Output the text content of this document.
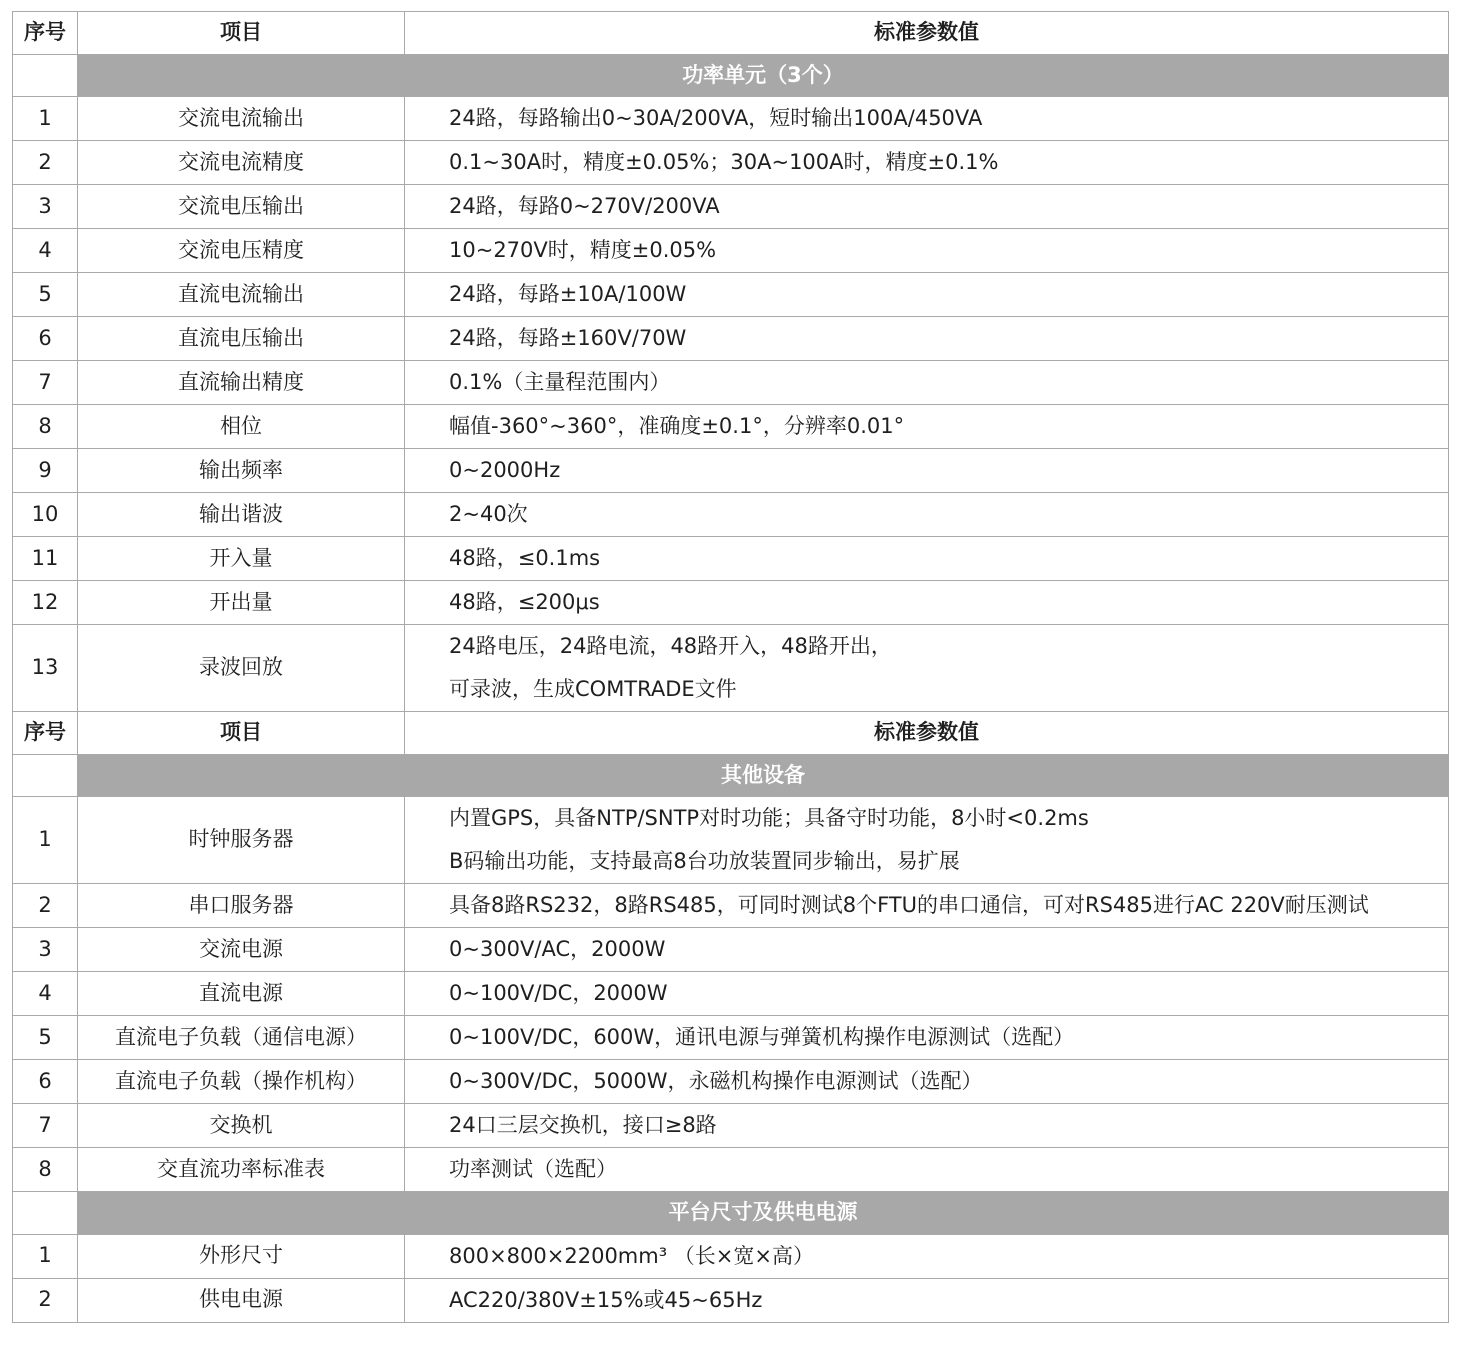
序号	项目	标准参数值
	功率单元（3个）	
1	交流电流输出	24路，每路输出0~30A/200VA，短时输出100A/450VA

2	交流电流精度	0.1~30A时，精度±0.05%；30A~100A时，精度±0.1%

3	交流电压输出	24路，每路0~270V/200VA

4	交流电压精度	10~270V时，精度±0.05%

5	直流电流输出	24路，每路±10A/100W

6	直流电压输出	24路，每路±160V/70W

7	直流输出精度	0.1%（主量程范围内）

8	相位	幅值-360°~360°，准确度±0.1°，分辨率0.01°

9	输出频率	0~2000Hz

10	输出谐波	2~40次

11	开入量	48路，≤0.1ms

12	开出量	48路，≤200μs

13	录波回放	24路电压，24路电流，48路开入，48路开出，
可录波，生成COMTRADE文件

序号	项目	标准参数值
	其他设备	
1	时钟服务器	内置GPS，具备NTP/SNTP对时功能；具备守时功能，8小时<0.2ms
B码输出功能，支持最高8台功放装置同步输出，易扩展

2	串口服务器	具备8路RS232，8路RS485，可同时测试8个FTU的串口通信，可对RS485进行AC 220V耐压测试

3	交流电源	0~300V/AC，2000W

4	直流电源	0~100V/DC，2000W

5	直流电子负载（通信电源）	0~100V/DC，600W，通讯电源与弹簧机构操作电源测试（选配）

6	直流电子负载（操作机构）	0~300V/DC，5000W，永磁机构操作电源测试（选配）

7	交换机	24口三层交换机，接口≥8路

8	交直流功率标准表	功率测试（选配）

	平台尺寸及供电电源	
1	外形尺寸	800×800×2200mm³ （长×宽×高）

2	供电电源	AC220/380V±15%或45~65Hz
